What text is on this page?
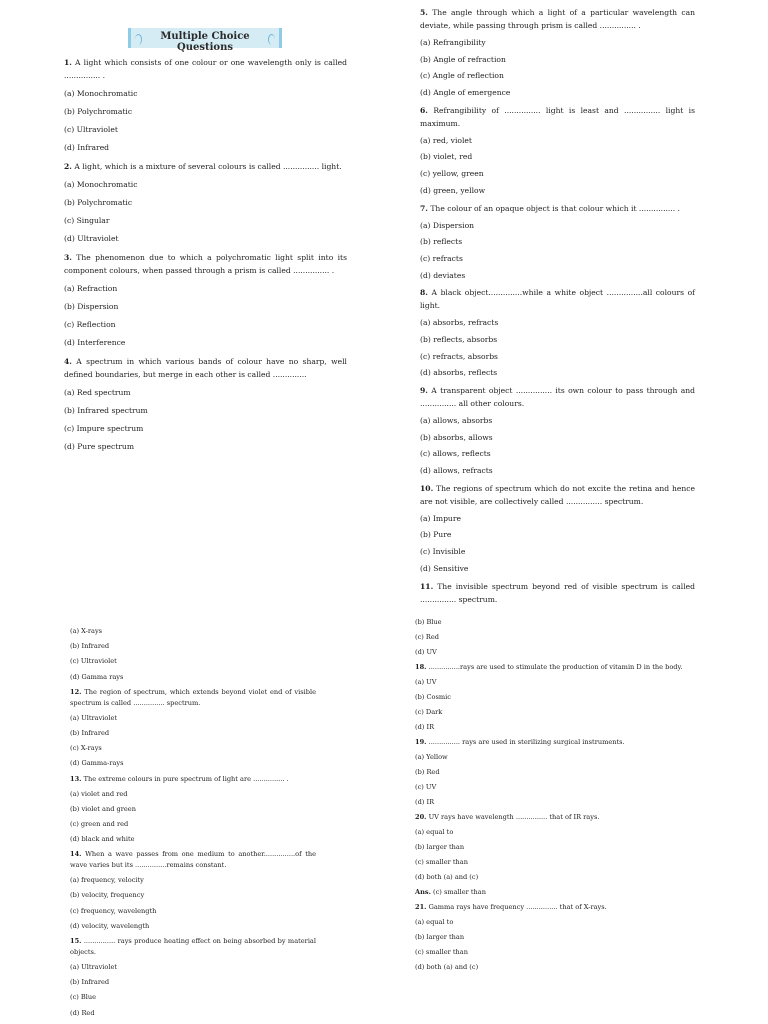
Multiple Choice Questions

1. A light which consists of one colour or one wavelength only is called ............... .

(a) Monochromatic

(b) Polychromatic

(c) Ultraviolet

(d) Infrared

2. A light, which is a mixture of several colours is called ............... light.

(a) Monochromatic

(b) Polychromatic

(c) Singular

(d) Ultraviolet

3. The phenomenon due to which a polychromatic light split into its component colours, when passed through a prism is called ............... .

(a) Refraction

(b) Dispersion

(c) Reflection

(d) Interference

4. A spectrum in which various bands of colour have no sharp, well defined boundaries, but merge in each other is called ..............

(a) Red spectrum

(b) Infrared spectrum

(c) Impure spectrum

(d) Pure spectrum

5. The angle through which a light of a particular wavelength can deviate, while passing through prism is called ............... .

(a) Refrangibility

(b) Angle of refraction

(c) Angle of reflection

(d) Angle of emergence

6. Refrangibility of ............... light is least and ............... light is maximum.

(a) red, violet

(b) violet, red

(c) yellow, green

(d) green, yellow

7. The colour of an opaque object is that colour which it ............... .

(a) Dispersion

(b) reflects

(c) refracts

(d) deviates

8. A black object..............while a white object ...............all colours of light.

(a) absorbs, refracts

(b) reflects, absorbs

(c) refracts, absorbs

(d) absorbs, reflects

9. A transparent object ............... its own colour to pass through and ............... all other colours.

(a) allows, absorbs

(b) absorbs, allows

(c) allows, reflects

(d) allows, refracts

10. The regions of spectrum which do not excite the retina and hence are not visible, are collectively called ............... spectrum.

(a) Impure

(b) Pure

(c) Invisible

(d) Sensitive

11. The invisible spectrum beyond red of visible spectrum is called ............... spectrum.

(a) X-rays

(b) Infrared

(c) Ultraviolet

(d) Gamma rays

12. The region of spectrum, which extends beyond violet end of visible spectrum is called ............... spectrum.

(a) Ultraviolet

(b) Infrared

(c) X-rays

(d) Gamma-rays

13. The extreme colours in pure spectrum of light are ............... .

(a) violet and red

(b) violet and green

(c) green and red

(d) black and white

14. When a wave passes from one medium to another...............of the wave varies but its ...............remains constant.

(a) frequency, velocity

(b) velocity, frequency

(c) frequency, wavelength

(d) velocity, wavelength

15. ............... rays produce heating effect on being absorbed by material objects.

(a) Ultraviolet

(b) Infrared

(c) Blue

(d) Red

(b) Blue

(c) Red

(d) UV

18. ...............rays are used to stimulate the production of vitamin D in the body.

(a) UV

(b) Cosmic

(c) Dark

(d) IR

19. ............... rays are used in sterilizing surgical instruments.

(a) Yellow

(b) Red

(c) UV

(d) IR

20. UV rays have wavelength ............... that of IR rays.

(a) equal to

(b) larger than

(c) smaller than

(d) both (a) and (c)

Ans. (c) smaller than

21. Gamma rays have frequency ............... that of X-rays.

(a) equal to

(b) larger than

(c) smaller than

(d) both (a) and (c)
